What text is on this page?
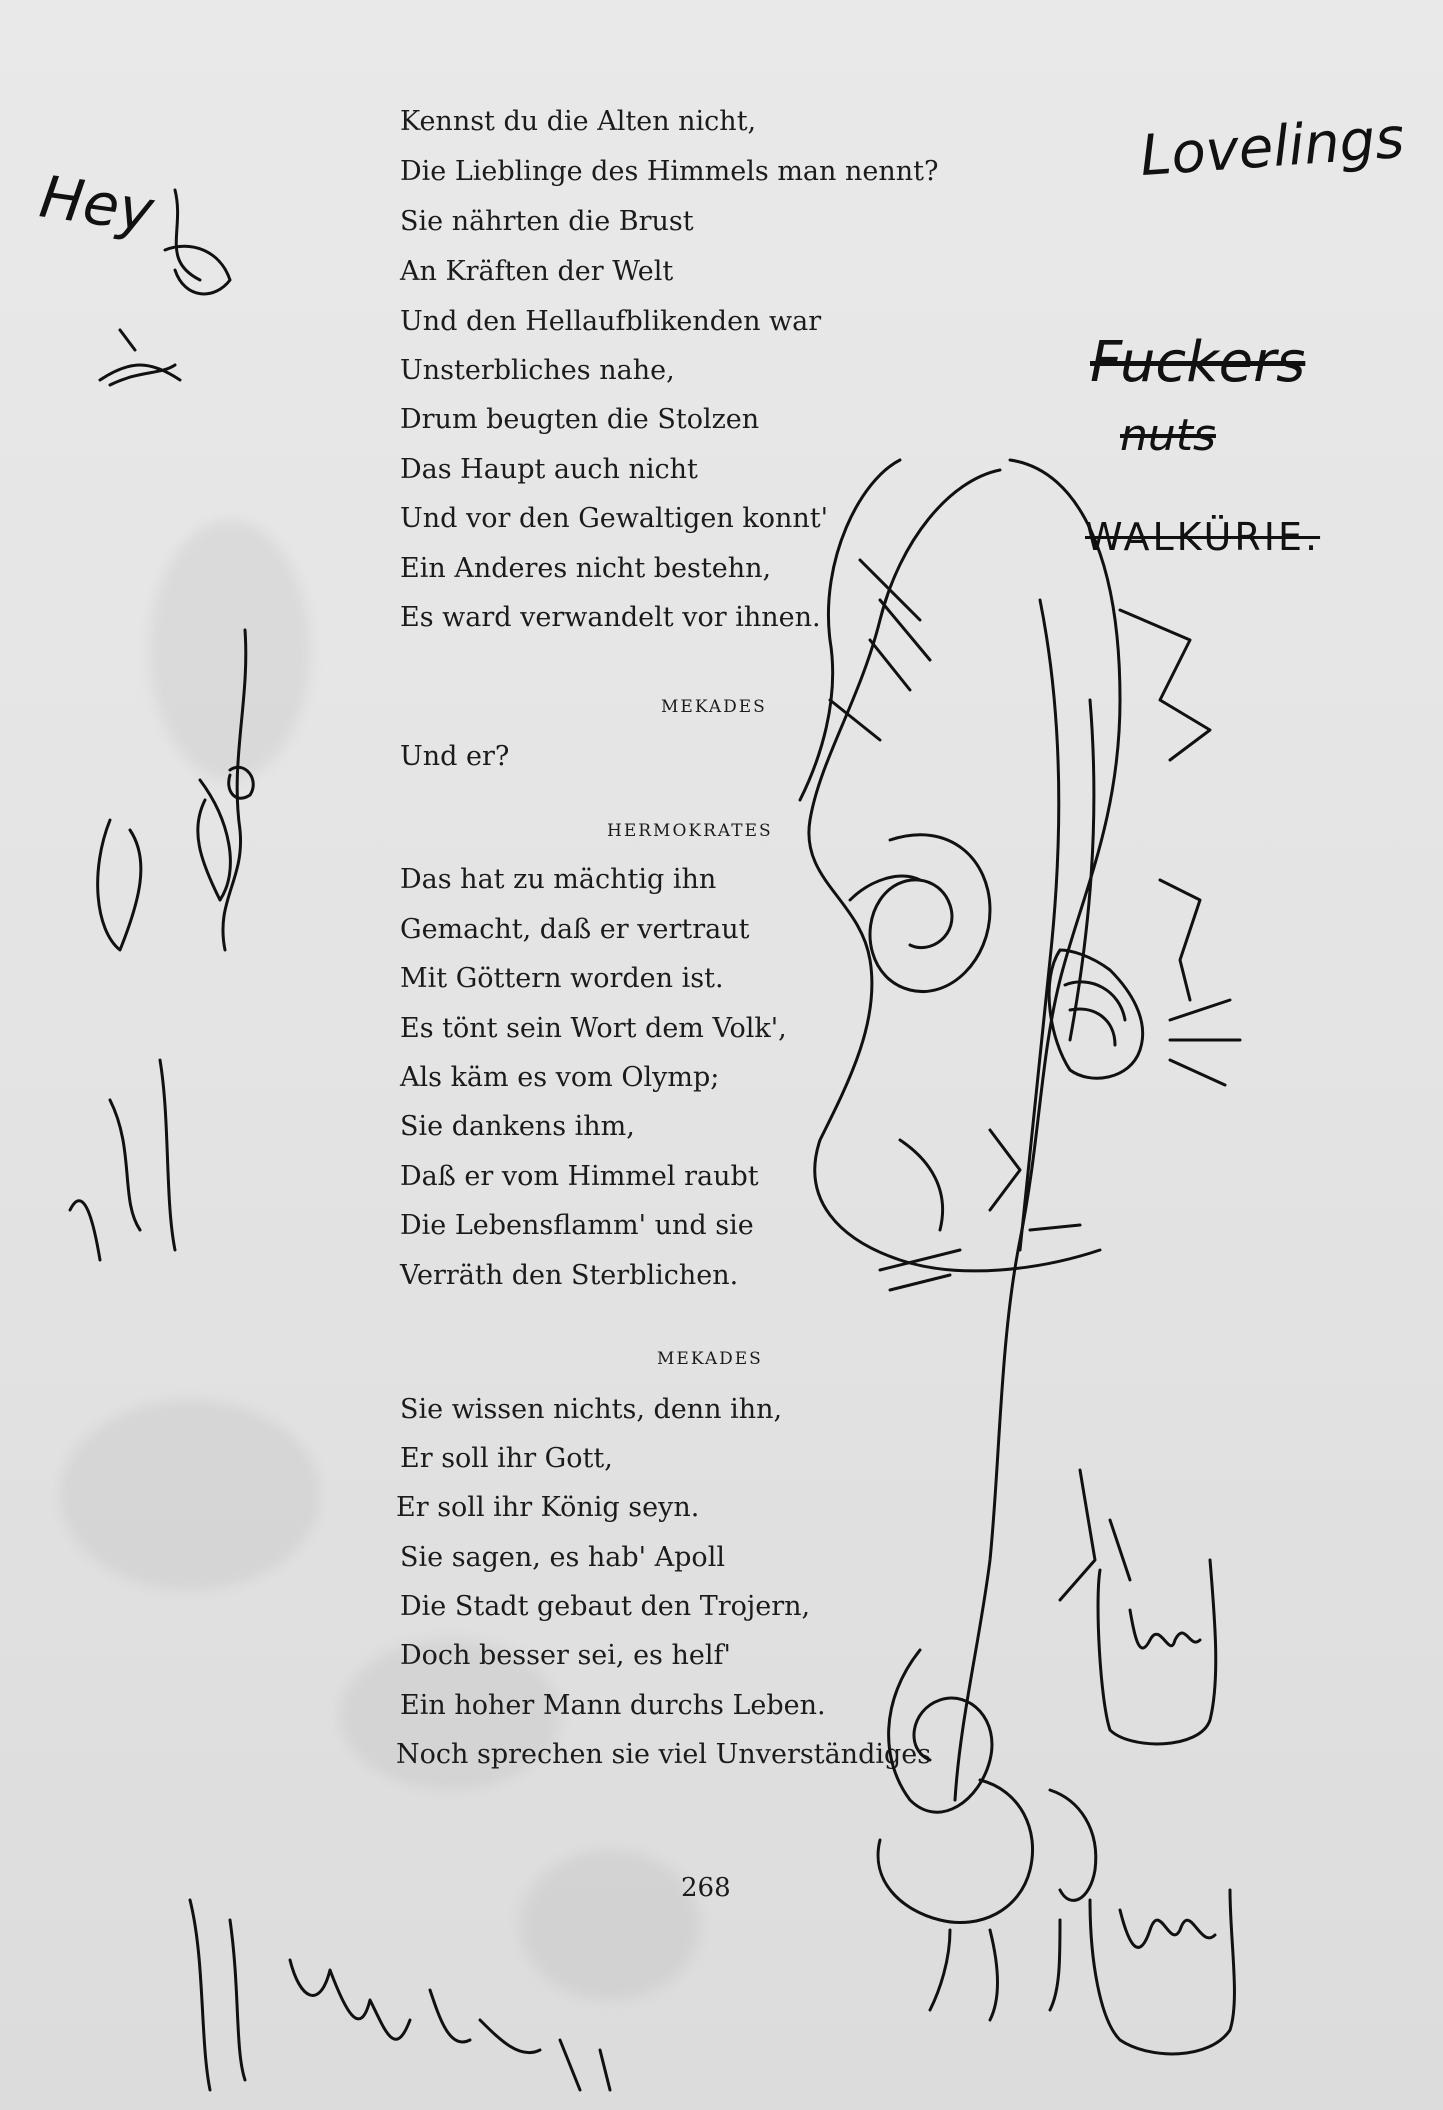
Kennst du die Alten nicht,
Die Lieblinge des Himmels man nennt?
Sie nährten die Brust
An Kräften der Welt
Und den Hellaufblikenden war
Unsterbliches nahe,
Drum beugten die Stolzen
Das Haupt auch nicht
Und vor den Gewaltigen konnt'
Ein Anderes nicht bestehn,
Es ward verwandelt vor ihnen.
MEKADES
Und er?
HERMOKRATES
Das hat zu mächtig ihn
Gemacht, daß er vertraut
Mit Göttern worden ist.
Es tönt sein Wort dem Volk',
Als käm es vom Olymp;
Sie dankens ihm,
Daß er vom Himmel raubt
Die Lebensflamm' und sie
Verräth den Sterblichen.
MEKADES
Sie wissen nichts, denn ihn,
Er soll ihr Gott,
Er soll ihr König seyn.
Sie sagen, es hab' Apoll
Die Stadt gebaut den Trojern,
Doch besser sei, es helf'
Ein hoher Mann durchs Leben.
Noch sprechen sie viel Unverständiges
268
Hey
Lovelings
Fuckers
nuts
WALKÜRIE.
